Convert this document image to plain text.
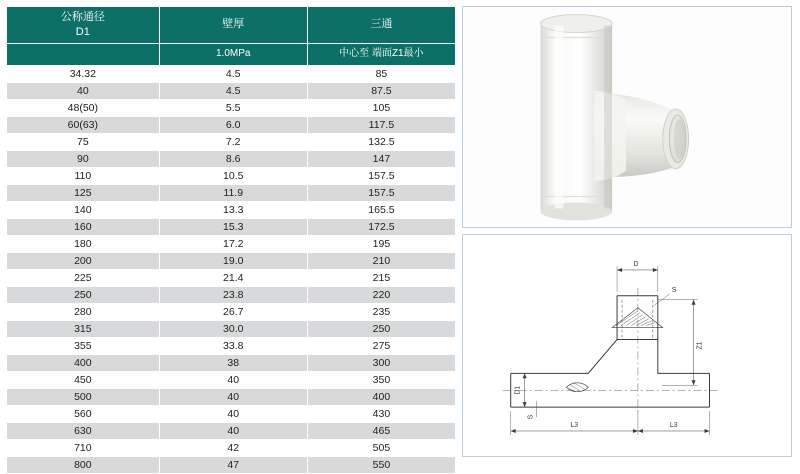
公称通径
D1	壁厚	三通

	1.0MPa	中心至 端面Z1最小
34.32	4.5	85
40	4.5	87.5
48(50)	5.5	105
60(63)	6.0	117.5
75	7.2	132.5
90	8.6	147
110	10.5	157.5
125	11.9	157.5
140	13.3	165.5
160	15.3	172.5
180	17.2	195
200	19.0	210
225	21.4	215
250	23.8	220
280	26.7	235
315	30.0	250
355	33.8	275
400	38	300
450	40	350
500	40	400
560	40	430
630	40	465
710	42	505
800	47	550
D
S
Z1
D1
S
L3	L3
